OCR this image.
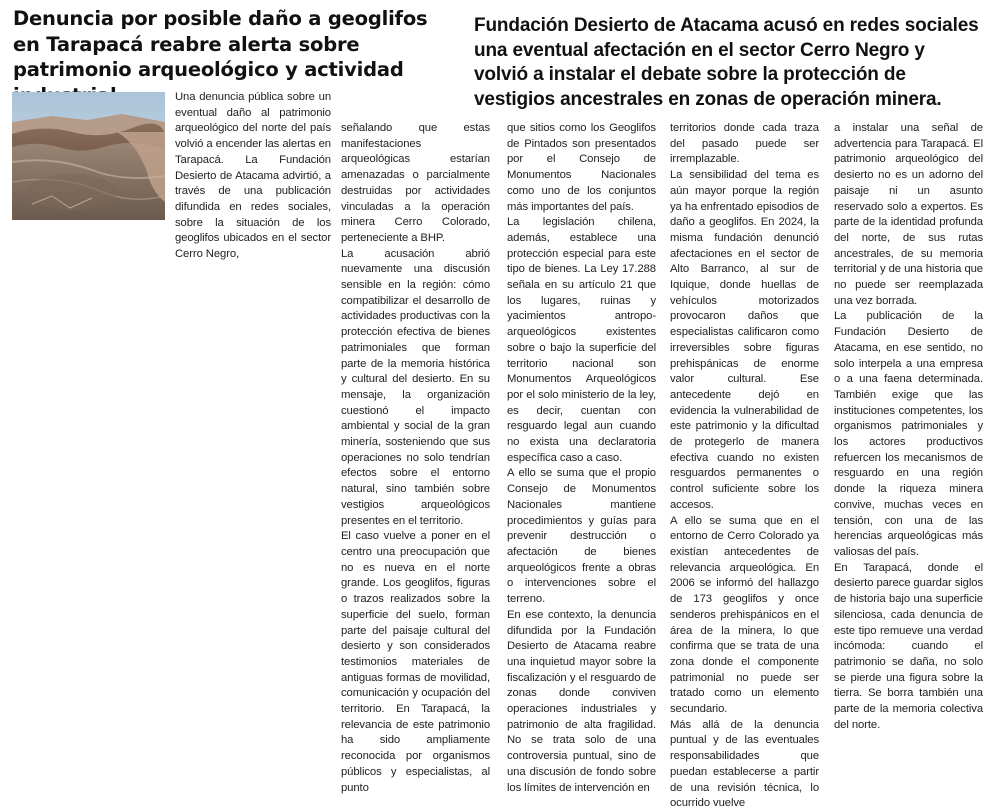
Denuncia por posible daño a geoglifos en Tarapacá reabre alerta sobre patrimonio arqueológico y actividad
Fundación Desierto de Atacama acusó en redes sociales una eventual afectación en el sector Cerro Negro y volvió a instalar el debate sobre la protección de vestigios ancestrales en zonas de operación minera.

Una denuncia pública sobre un eventual daño al patrimonio arqueológico del norte del país volvió a encender las alertas en Tarapacá. La Fundación Desierto de Atacama advirtió, a través de una publicación difundida en redes sociales, sobre la situación de los geoglifos ubicados en el sector Cerro Negro,

señalando que estas manifestaciones arqueológicas estarían amenazadas o parcialmente destruidas por actividades vinculadas a la operación minera Cerro Colorado, perteneciente a BHP.

La acusación abrió nuevamente una discusión sensible en la región: cómo compatibilizar el desarrollo de actividades productivas con la protección efectiva de bienes patrimoniales que forman parte de la memoria histórica y cultural del desierto. En su mensaje, la organización cuestionó el impacto ambiental y social de la gran minería, sosteniendo que sus operaciones no solo tendrían efectos sobre el entorno natural, sino también sobre vestigios arqueológicos presentes en el territorio.

El caso vuelve a poner en el centro una preocupación que no es nueva en el norte grande. Los geoglifos, figuras o trazos realizados sobre la superficie del suelo, forman parte del paisaje cultural del desierto y son considerados testimonios materiales de antiguas formas de movilidad, comunicación y ocupación del territorio. En Tarapacá, la relevancia de este patrimonio ha sido ampliamente reconocida por organismos públicos y especialistas, al punto

que sitios como los Geoglifos de Pintados son presentados por el Consejo de Monumentos Nacionales como uno de los conjuntos más importantes del país.

La legislación chilena, además, establece una protección especial para este tipo de bienes. La Ley 17.288 señala en su artículo 21 que los lugares, ruinas y yacimientos antropo-arqueológicos existentes sobre o bajo la superficie del territorio nacional son Monumentos Arqueológicos por el solo ministerio de la ley, es decir, cuentan con resguardo legal aun cuando no exista una declaratoria específica caso a caso.

A ello se suma que el propio Consejo de Monumentos Nacionales mantiene procedimientos y guías para prevenir destrucción o afectación de bienes arqueológicos frente a obras o intervenciones sobre el terreno.

En ese contexto, la denuncia difundida por la Fundación Desierto de Atacama reabre una inquietud mayor sobre la fiscalización y el resguardo de zonas donde conviven operaciones industriales y patrimonio de alta fragilidad. No se trata solo de una controversia puntual, sino de una discusión de fondo sobre los límites de intervención en

territorios donde cada traza del pasado puede ser irremplazable.

La sensibilidad del tema es aún mayor porque la región ya ha enfrentado episodios de daño a geoglifos. En 2024, la misma fundación denunció afectaciones en el sector de Alto Barranco, al sur de Iquique, donde huellas de vehículos motorizados provocaron daños que especialistas calificaron como irreversibles sobre figuras prehispánicas de enorme valor cultural. Ese antecedente dejó en evidencia la vulnerabilidad de este patrimonio y la dificultad de protegerlo de manera efectiva cuando no existen resguardos permanentes o control suficiente sobre los accesos.

A ello se suma que en el entorno de Cerro Colorado ya existían antecedentes de relevancia arqueológica. En 2006 se informó del hallazgo de 173 geoglifos y once senderos prehispánicos en el área de la minera, lo que confirma que se trata de una zona donde el componente patrimonial no puede ser tratado como un elemento secundario.

Más allá de la denuncia puntual y de las eventuales responsabilidades que puedan establecerse a partir de una revisión técnica, lo ocurrido vuelve

a instalar una señal de advertencia para Tarapacá. El patrimonio arqueológico del desierto no es un adorno del paisaje ni un asunto reservado solo a expertos. Es parte de la identidad profunda del norte, de sus rutas ancestrales, de su memoria territorial y de una historia que no puede ser reemplazada una vez borrada.

La publicación de la Fundación Desierto de Atacama, en ese sentido, no solo interpela a una empresa o a una faena determinada. También exige que las instituciones competentes, los organismos patrimoniales y los actores productivos refuercen los mecanismos de resguardo en una región donde la riqueza minera convive, muchas veces en tensión, con una de las herencias arqueológicas más valiosas del país.

En Tarapacá, donde el desierto parece guardar siglos de historia bajo una superficie silenciosa, cada denuncia de este tipo remueve una verdad incómoda: cuando el patrimonio se daña, no solo se pierde una figura sobre la tierra. Se borra también una parte de la memoria colectiva del norte.
